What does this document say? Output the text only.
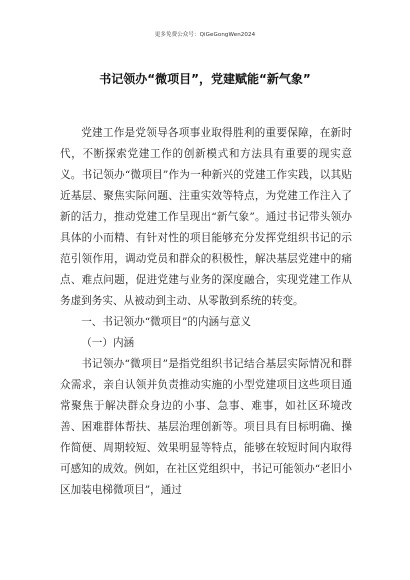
更多免费公众号：QiGeGongWen2024
书记领办“微项目”，党建赋能“新气象”

党建工作是党领导各项事业取得胜利的重要保障，在新时代，不断探索党建工作的创新模式和方法具有重要的现实意义。书记领办“微项目”作为一种新兴的党建工作实践，以其贴近基层、聚焦实际问题、注重实效等特点，为党建工作注入了新的活力，推动党建工作呈现出“新气象”。通过书记带头领办具体的小而精、有针对性的项目能够充分发挥党组织书记的示范引领作用，调动党员和群众的积极性，解决基层党建中的痛点、难点问题，促进党建与业务的深度融合，实现党建工作从务虚到务实、从被动到主动、从零散到系统的转变。

一、书记领办“微项目”的内涵与意义

（一）内涵

书记领办“微项目”是指党组织书记结合基层实际情况和群众需求，亲自认领并负责推动实施的小型党建项目这些项目通常聚焦于解决群众身边的小事、急事、难事，如社区环境改善、困难群体帮扶、基层治理创新等。项目具有目标明确、操作简便、周期较短、效果明显等特点，能够在较短时间内取得可感知的成效。例如，在社区党组织中，书记可能领办“老旧小区加装电梯微项目”，通过
